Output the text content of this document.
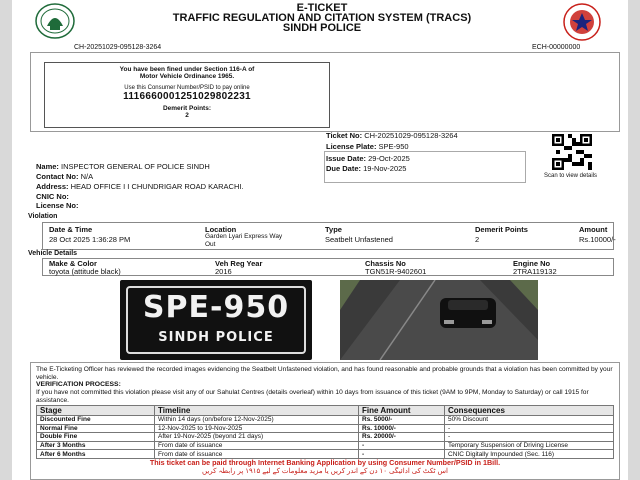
E-TICKET
TRAFFIC REGULATION AND CITATION SYSTEM (TRACS)
SINDH POLICE
CH-20251029-095128-3264	ECH-00000000
You have been fined under Section 116-A of
Motor Vehicle Ordinance 1965.
Use this Consumer Number/PSID to pay online
1116660001251029802231
Demerit Points:
2
Ticket No: CH-20251029-095128-3264
License Plate: SPE-950
Issue Date: 29-Oct-2025
Due Date: 19-Nov-2025
Scan to view details
Name: INSPECTOR GENERAL OF POLICE SINDH
Contact No: N/A
Address: HEAD OFFICE I I CHUNDRIGAR ROAD KARACHI.
CNIC No:
License No:
Violation
Date & Time	Location	Type	Demerit Points	Amount
28 Oct 2025 1:36:28 PM	Garden Lyari Express Way
Out
Seatbelt Unfastened	2	Rs.10000/-
Vehicle Details
Make & Color	Veh Reg Year	Chassis No	Engine No
toyota (attitude black)	2016	TGN51R-9402601	2TRA119132
SPE-950
SINDH POLICE
The E-Ticketing Officer has reviewed the recorded images evidencing the Seatbelt Unfastened violation, and has found reasonable and probable grounds that a violation has been committed by your vehicle.
VERIFICATION PROCESS:
If you have not committed this violation please visit any of our Sahulat Centres (details overleaf) within 10 days from issuance of this ticket (9AM to 9PM, Monday to Saturday) or call 1915 for assistance.
Stage	Timeline	Fine Amount	Consequences
Discounted Fine	Within 14 days (on/before 12-Nov-2025)	Rs. 5000/-	50% Discount
Normal Fine	12-Nov-2025 to 19-Nov-2025	Rs. 10000/-	-
Double Fine	After 19-Nov-2025 (beyond 21 days)	Rs. 20000/-	-
After 3 Months	From date of issuance	-	Temporary Suspension of Driving License
After 6 Months	From date of issuance	-	CNIC Digitally Impounded (Sec. 116)
This ticket can be paid through Internet Banking Application by using Consumer Number/PSID in 1Bill.
اس ٹکٹ کی ادائیگی ۱۰ دن کے اندر کریں یا مزید معلومات کے لیے ۱۹۱۵ پر رابطہ کریں
